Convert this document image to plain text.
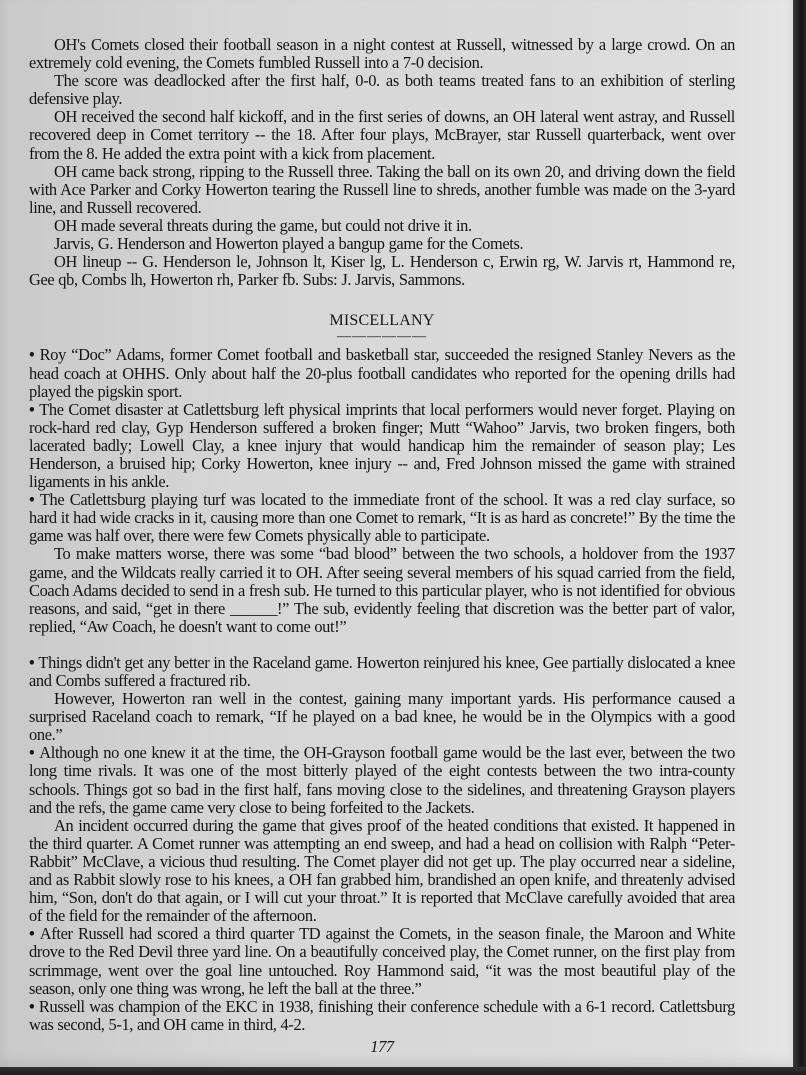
OH's Comets closed their football season in a night contest at Russell, witnessed by a large crowd. On an extremely cold evening, the Comets fumbled Russell into a 7-0 decision.

The score was deadlocked after the first half, 0-0. as both teams treated fans to an exhibition of sterling defensive play.

OH received the second half kickoff, and in the first series of downs, an OH lateral went astray, and Russell recovered deep in Comet territory -- the 18. After four plays, McBrayer, star Russell quarterback, went over from the 8. He added the extra point with a kick from placement.

OH came back strong, ripping to the Russell three. Taking the ball on its own 20, and driving down the field with Ace Parker and Corky Howerton tearing the Russell line to shreds, another fumble was made on the 3-yard line, and Russell recovered.

OH made several threats during the game, but could not drive it in.

Jarvis, G. Henderson and Howerton played a bangup game for the Comets.

OH lineup -- G. Henderson le, Johnson lt, Kiser lg, L. Henderson c, Erwin rg, W. Jarvis rt, Hammond re, Gee qb, Combs lh, Howerton rh, Parker fb. Subs: J. Jarvis, Sammons.

MISCELLANY

——————

• Roy “Doc” Adams, former Comet football and basketball star, succeeded the resigned Stanley Nevers as the head coach at OHHS. Only about half the 20-plus football candidates who reported for the opening drills had played the pigskin sport.

• The Comet disaster at Catlettsburg left physical imprints that local performers would never forget. Playing on rock-hard red clay, Gyp Henderson suffered a broken finger; Mutt “Wahoo” Jarvis, two broken fingers, both lacerated badly; Lowell Clay, a knee injury that would handicap him the remainder of season play; Les Henderson, a bruised hip; Corky Howerton, knee injury -- and, Fred Johnson missed the game with strained ligaments in his ankle.

• The Catlettsburg playing turf was located to the immediate front of the school. It was a red clay surface, so hard it had wide cracks in it, causing more than one Comet to remark, “It is as hard as concrete!” By the time the game was half over, there were few Comets physically able to participate.

To make matters worse, there was some “bad blood” between the two schools, a holdover from the 1937 game, and the Wildcats really carried it to OH. After seeing several members of his squad carried from the field, Coach Adams decided to send in a fresh sub. He turned to this particular player, who is not identified for obvious reasons, and said, “get in there ______!” The sub, evidently feeling that discretion was the better part of valor, replied, “Aw Coach, he doesn't want to come out!”

• Things didn't get any better in the Raceland game. Howerton reinjured his knee, Gee partially dislocated a knee and Combs suffered a fractured rib.

However, Howerton ran well in the contest, gaining many important yards. His performance caused a surprised Raceland coach to remark, “If he played on a bad knee, he would be in the Olympics with a good one.”

• Although no one knew it at the time, the OH-Grayson football game would be the last ever, between the two long time rivals. It was one of the most bitterly played of the eight contests between the two intra-county schools. Things got so bad in the first half, fans moving close to the sidelines, and threatening Grayson players and the refs, the game came very close to being forfeited to the Jackets.

An incident occurred during the game that gives proof of the heated conditions that existed. It happened in the third quarter. A Comet runner was attempting an end sweep, and had a head on collision with Ralph “Peter-Rabbit” McClave, a vicious thud resulting. The Comet player did not get up. The play occurred near a sideline, and as Rabbit slowly rose to his knees, a OH fan grabbed him, brandished an open knife, and threatenly advised him, “Son, don't do that again, or I will cut your throat.” It is reported that McClave carefully avoided that area of the field for the remainder of the afternoon.

• After Russell had scored a third quarter TD against the Comets, in the season finale, the Maroon and White drove to the Red Devil three yard line. On a beautifully conceived play, the Comet runner, on the first play from scrimmage, went over the goal line untouched. Roy Hammond said, “it was the most beautiful play of the season, only one thing was wrong, he left the ball at the three.”

• Russell was champion of the EKC in 1938, finishing their conference schedule with a 6-1 record. Catlettsburg was second, 5-1, and OH came in third, 4-2.

177
